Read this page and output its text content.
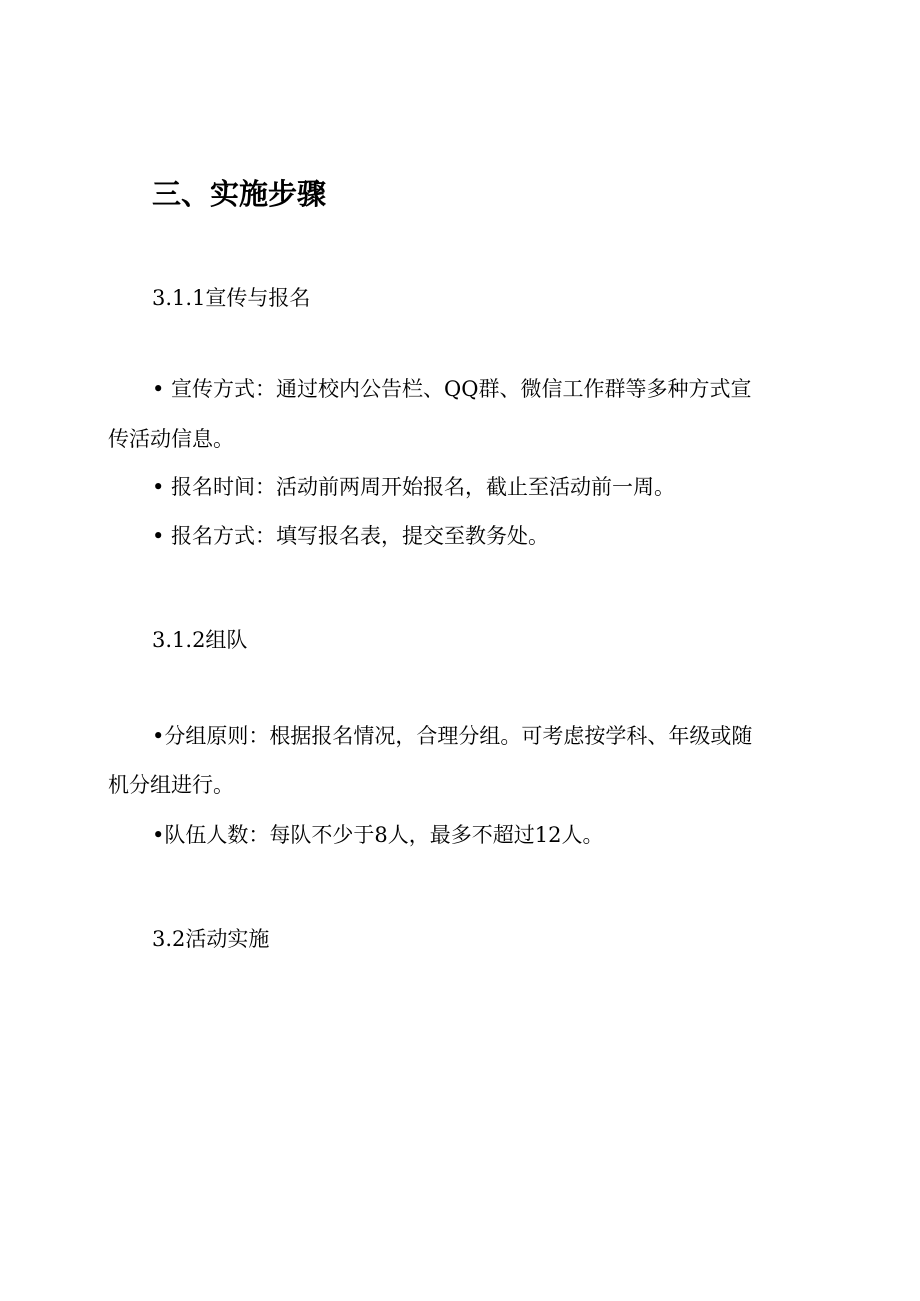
三、实施步骤
3.1.1宣传与报名
• 宣传方式：通过校内公告栏、QQ群、微信工作群等多种方式宣
传活动信息。
• 报名时间：活动前两周开始报名，截止至活动前一周。
• 报名方式：填写报名表，提交至教务处。
3.1.2组队
•分组原则：根据报名情况，合理分组。可考虑按学科、年级或随
机分组进行。
•队伍人数：每队不少于8人，最多不超过12人。
3.2活动实施
